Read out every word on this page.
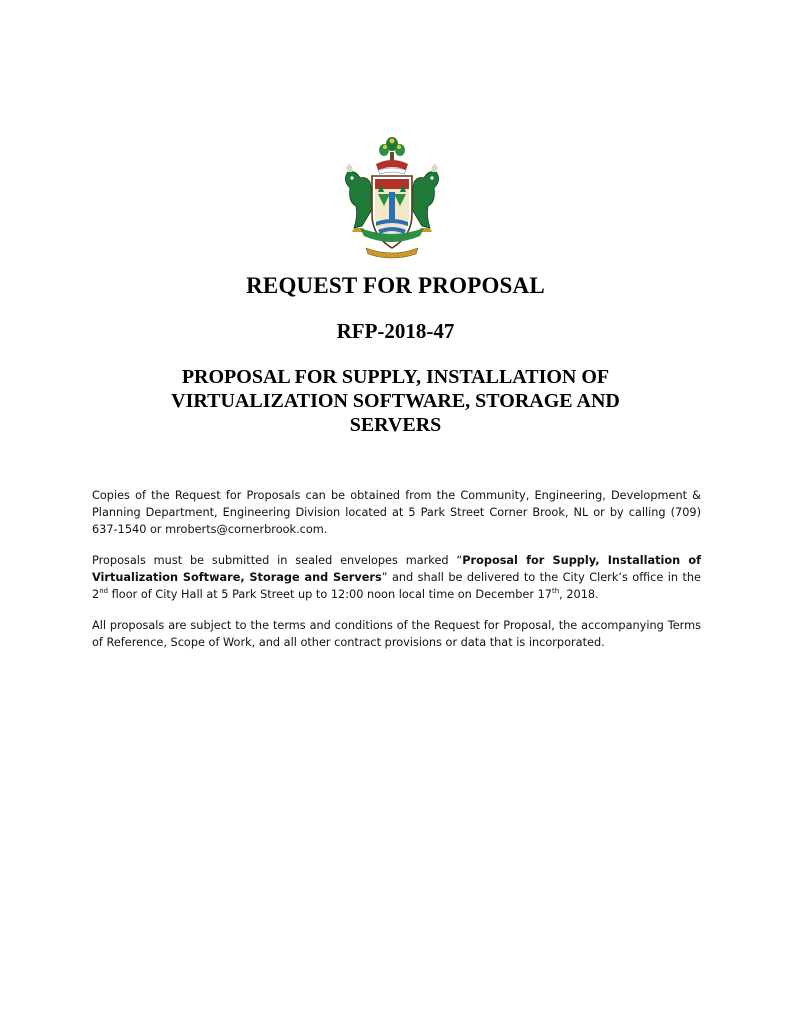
REQUEST FOR PROPOSAL
RFP-2018-47
PROPOSAL FOR SUPPLY, INSTALLATION OF VIRTUALIZATION SOFTWARE, STORAGE AND SERVERS

Copies of the Request for Proposals can be obtained from the Community, Engineering, Development & Planning Department, Engineering Division located at 5 Park Street Corner Brook, NL or by calling (709) 637-1540 or mroberts@cornerbrook.com.

Proposals must be submitted in sealed envelopes marked “Proposal for Supply, Installation of Virtualization Software, Storage and Servers” and shall be delivered to the City Clerk’s office in the 2nd floor of City Hall at 5 Park Street up to 12:00 noon local time on December 17th, 2018.

All proposals are subject to the terms and conditions of the Request for Proposal, the accompanying Terms of Reference, Scope of Work, and all other contract provisions or data that is incorporated.
